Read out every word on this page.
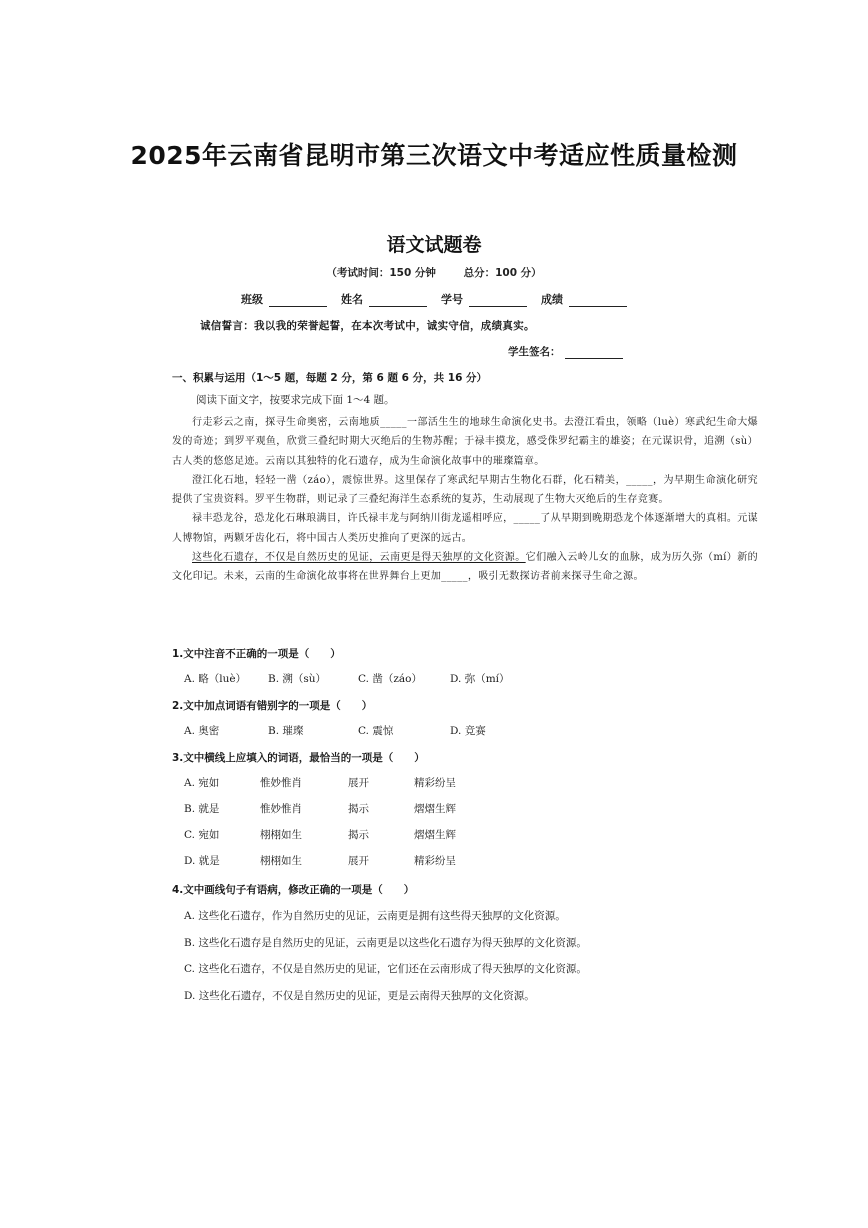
2025年云南省昆明市第三次语文中考适应性质量检测
语文试题卷
（考试时间：150 分钟	总分：100 分）
班级	姓名	学号	成绩
诚信誓言：我以我的荣誉起誓，在本次考试中，诚实守信，成绩真实。
学生签名：
一、积累与运用（1～5 题，每题 2 分，第 6 题 6 分，共 16 分）
阅读下面文字，按要求完成下面 1～4 题。

行走彩云之南，探寻生命奥密，云南地质_____一部活生生的地球生命演化史书。去澄江看虫，领略（luè）寒武纪生命大爆发的奇迹；到罗平观鱼，欣赏三叠纪时期大灭绝后的生物苏醒；于禄丰摸龙，感受侏罗纪霸主的雄姿；在元谋识骨，追溯（sù）古人类的悠悠足迹。云南以其独特的化石遗存，成为生命演化故事中的璀璨篇章。

澄江化石地，轻轻一凿（záo），震惊世界。这里保存了寒武纪早期古生物化石群，化石精美，_____，为早期生命演化研究提供了宝贵资料。罗平生物群，则记录了三叠纪海洋生态系统的复苏，生动展现了生物大灭绝后的生存竞赛。

禄丰恐龙谷，恐龙化石琳琅满目，许氏禄丰龙与阿纳川街龙遥相呼应，_____了从早期到晚期恐龙个体逐渐增大的真相。元谋人博物馆，两颗牙齿化石，将中国古人类历史推向了更深的远古。

这些化石遗存，不仅是自然历史的见证，云南更是得天独厚的文化资源。它们融入云岭儿女的血脉，成为历久弥（mí）新的文化印记。未来，云南的生命演化故事将在世界舞台上更加_____，吸引无数探访者前来探寻生命之源。

1.文中注音不正确的一项是（　　）
A. 略（luè） B. 溯（sù）	C. 凿（záo）	D. 弥（mí）
2.文中加点词语有错别字的一项是（　　）
A. 奥密	B. 璀璨	C. 震惊	D. 竞赛
3.文中横线上应填入的词语，最恰当的一项是（　　）
A. 宛如	惟妙惟肖	展开	精彩纷呈
B. 就是	惟妙惟肖	揭示	熠熠生辉
C. 宛如	栩栩如生	揭示	熠熠生辉
D. 就是	栩栩如生	展开	精彩纷呈
4.文中画线句子有语病，修改正确的一项是（　　）
A. 这些化石遗存，作为自然历史的见证，云南更是拥有这些得天独厚的文化资源。
B. 这些化石遗存是自然历史的见证，云南更是以这些化石遗存为得天独厚的文化资源。
C. 这些化石遗存，不仅是自然历史的见证，它们还在云南形成了得天独厚的文化资源。
D. 这些化石遗存，不仅是自然历史的见证，更是云南得天独厚的文化资源。
